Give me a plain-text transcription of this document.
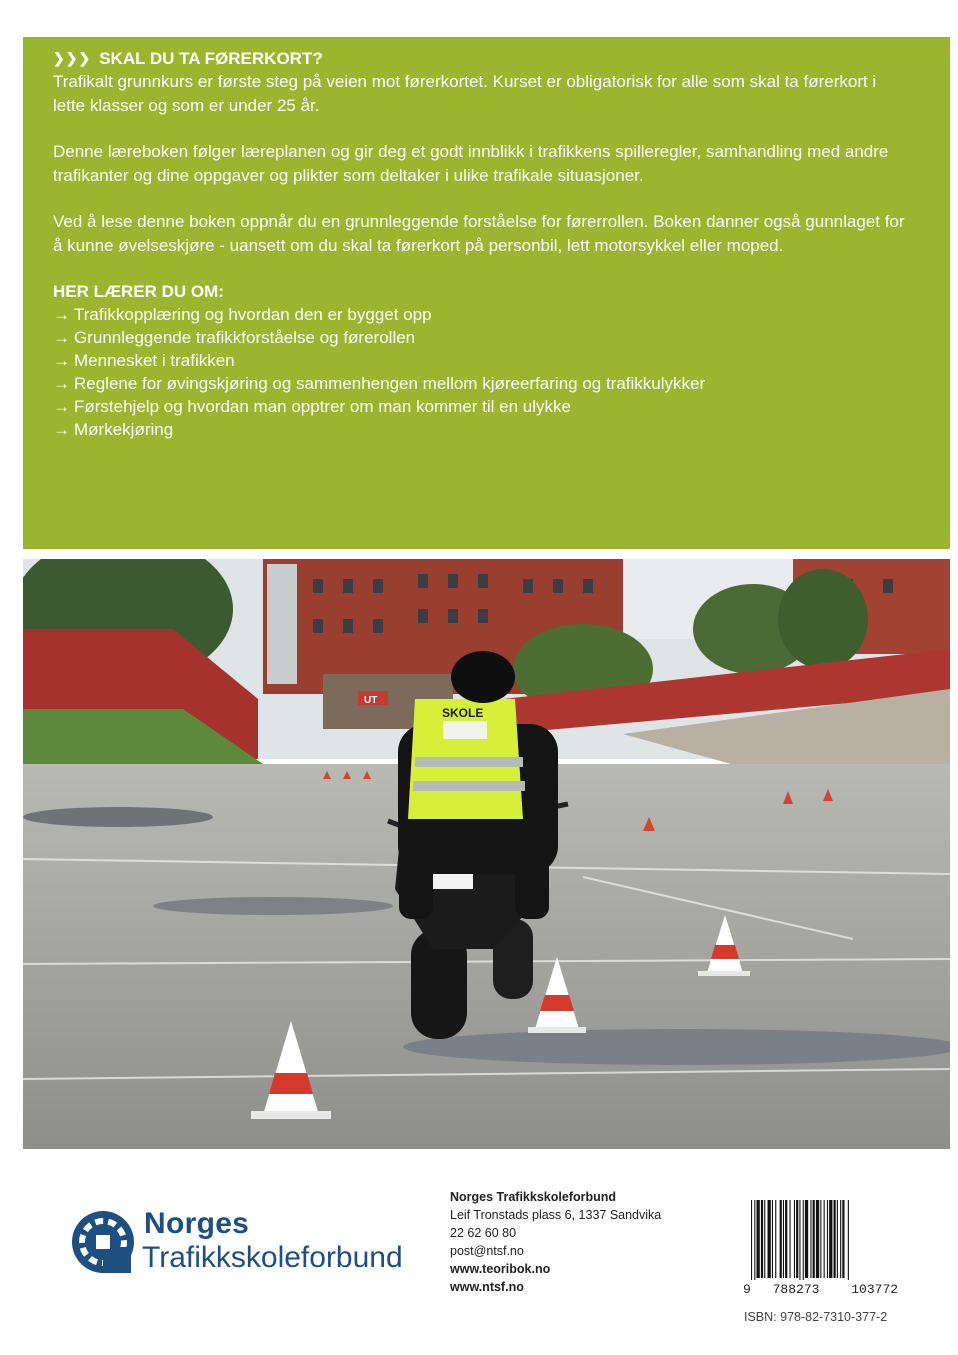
❯❯❯ SKAL DU TA FØRERKORT?

Trafikalt grunnkurs er første steg på veien mot førerkortet. Kurset er obligatorisk for alle som skal ta førerkort i lette klasser og som er under 25 år.

Denne læreboken følger læreplanen og gir deg et godt innblikk i trafikkens spilleregler, samhandling med andre trafikanter og dine oppgaver og plikter som deltaker i ulike trafikale situasjoner.

Ved å lese denne boken oppnår du en grunnleggende forståelse for førerrollen. Boken danner også gunnlaget for å kunne øvelseskjøre - uansett om du skal ta førerkort på personbil, lett motorsykkel eller moped.

HER LÆRER DU OM:
→ Trafikkopplæring og hvordan den er bygget opp
→ Grunnleggende trafikkforståelse og førerollen
→ Mennesket i trafikken
→ Reglene for øvingskjøring og sammenhengen mellom kjøreerfaring og trafikkulykker
→ Førstehjelp og hvordan man opptrer om man kommer til en ulykke
→ Mørkekjøring
UT
SKOLE
Norges
Trafikkskoleforbund
Norges Trafikkskoleforbund
Leif Tronstads plass 6, 1337 Sandvika
22 62 60 80
post@ntsf.no
www.teoribok.no
www.ntsf.no	9 788273 103772
ISBN: 978-82-7310-377-2
